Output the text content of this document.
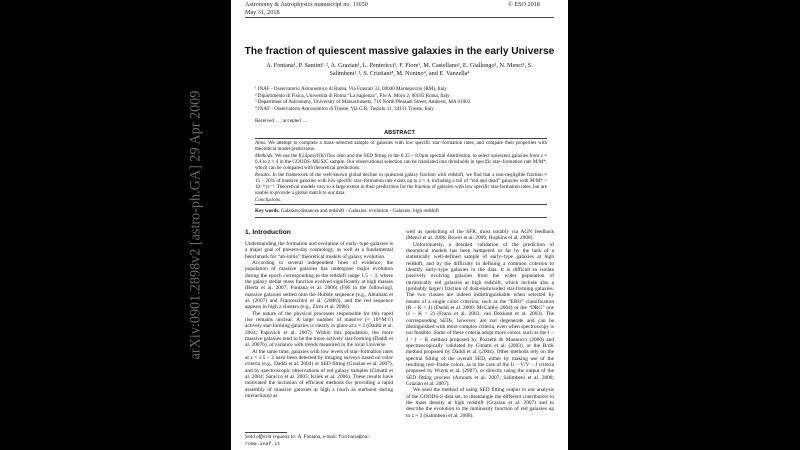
arXiv:0901.2898v2 [astro-ph.GA] 29 Apr 2009
Astronomy & Astrophysics manuscript no. 11650
May 31, 2018
© ESO 2018
The fraction of quiescent massive galaxies in the early Universe
A. Fontana¹, P. Santini¹˒², A. Grazian¹, L. Pentericci¹, F. Fiore¹, M. Castellano¹, E. Giallongo¹, N. Menci¹, S. Salimbeni¹˒³, S. Cristiani⁴, M. Nonino⁴, and E. Vanzella⁴
¹ INAF - Osservatorio Astronomico di Roma, Via Frascati 33, 00040 Monteporzio (RM), Italy
² Dipartimento di Fisica, Università di Roma “La Sapienza”, P.le A. Moro 2, 00185 Roma, Italy
³ Department of Astronomy, University of Massachusetts, 710 North Pleasant Street, Amherst, MA 01003
⁴ INAF - Osservatorio Astronomico di Trieste, Via G.B. Tiepolo 11, 34131 Trieste, Italy
Received ... ; accepted ....
ABSTRACT
Aims. We attempt to complete a mass–selected sample of galaxies with low specific star–formation rates, and compare their properties with theoretical model predictions.
Methods. We use the f(24µm)/f(K) flux ratio and the SED fitting to the 0.35 ÷ 8.0µm spectral distribution, to select quiescent galaxies from z ≈ 0.4 to z ≈ 4 in the GOODS–MUSIC sample. Our observational selection can be translated into thresholds in specific star–formation rate Ṁ/M*, which can be compared with theoretical predictions.
Results. In the framework of the well-known global decline in quiescent galaxy fraction with redshift, we find that a non-negligible fraction ≈ 15 ÷ 20% of massive galaxies with low specific star–formation rate exists up to z ≈ 4, including a tail of “red and dead” galaxies with Ṁ/M* < 10⁻¹¹yr⁻¹. Theoretical models vary to a large extent in their predictions for the fraction of galaxies with low specific star-formation rates, but are unable to provide a global match to our data.
Conclusions.
Key words. Galaxies:distances and redshift - Galaxies: evolution - Galaxies: high redshift
1. Introduction

Understanding the formation and evolution of early–type galaxies is a major goal of present-day cosmology, as well as a fundamental benchmark for “ab-initio” theoretical models of galaxy evolution.

According to several independent lines of evidence, the population of massive galaxies has undergone major evolution during the epoch corresponding to the redshift range 1.5 ÷ 3, where the galaxy stellar mass function evolved significantly at high masses (Berta et al. 2007; Fontana et al. 2006) (F06 in the following), massive galaxies settled onto the Hubble sequence (e.g., Abraham et al. (2007) and Franceschini et al. (2006)), and the red sequence appears in high z clusters (e.g., Zirm et al. 2008).

The nature of the physical processes responsible for this rapid rise remains unclear. A large number of massive (≈ 10¹¹M☉) actively star-forming galaxies is clearly in place at z ≈ 2 (Daddi et al. 2004; Papovich et al. 2007). Within this population, the more massive galaxies tend to be the more actively star-forming (Daddi et al. 2007b), at variance with trends measured in the local Universe.

At the same time, galaxies with low levels of star–formation rates at z ≈ 1.5 − 2 have been detected by imaging surveys based on color criteria (e.g., Daddi et al. 2004) or SED fitting (Grazian et al. 2007), and by spectroscopic observations of red galaxy samples (Cimatti et al. 2004; Saracco et al. 2005; Kriek et al. 2006). These results have motivated the inclusion of efficient methods for providing a rapid assembly of massive galaxies at high z (such as starburst during interactions) as

well as quenching of the SFR, most notably via AGN feedback (Menci et al. 2006; Bower et al. 2006; Hopkins et al. 2008).

Unfortunately, a detailed validation of the prediction of theoretical models has been hampered so far by the lack of a statistically well-defined sample of early–type galaxies at high redshift, and by the difficulty in defining a common criterion to identify early–type galaxies in the data. It is difficult to isolate passively evolving galaxies from the wider population of intrinsically red galaxies at high redshift, which include also a (probably larger) fraction of dust-enshrouded star-forming galaxies. The two classes are indeed indistinguishable when selected by means of a single color criterion, such as the “ERO” classification (R − K > 4) (Daddi et al. 2000; McCarthy 2004) or the “DRG” one (J − K > 2) (Franx et al. 2003; van Dokkum et al. 2003). The corresponding SEDs, however, are not degenerate and can be distinguished with more complex criteria, even when spectroscopy is not feasible. Some of these criteria adopt more colors, such as the I − J / J − K method proposed by Pozzetti & Mannucci (2000) and spectroscopically validated by Cimatti et al. (2003), or the B/zK method proposed by Daddi et al. (2004). Other methods rely on the spectral fitting of the overall SED, either by making use of the resulting rest–frame colors, as in the case of the U − V/V − J criteria proposed by Wuyts et al. (2007), or directly using the output of the SED fitting process (Arnouts et al. 2007; Salimbeni et al. 2008; Grazian et al. 2007).

We used the method of using SED fitting output in our analysis of the GOODS-S data set, to disentangle the different contributors to the mass density at high redshift (Grazian et al. 2007) and to describe the evolution in the luminosity function of red galaxies up to z ≈ 3 (Salimbeni et al. 2008).

Send offprint requests to: A. Fontana, e-mail: fontana@oa-roma.inaf.it
